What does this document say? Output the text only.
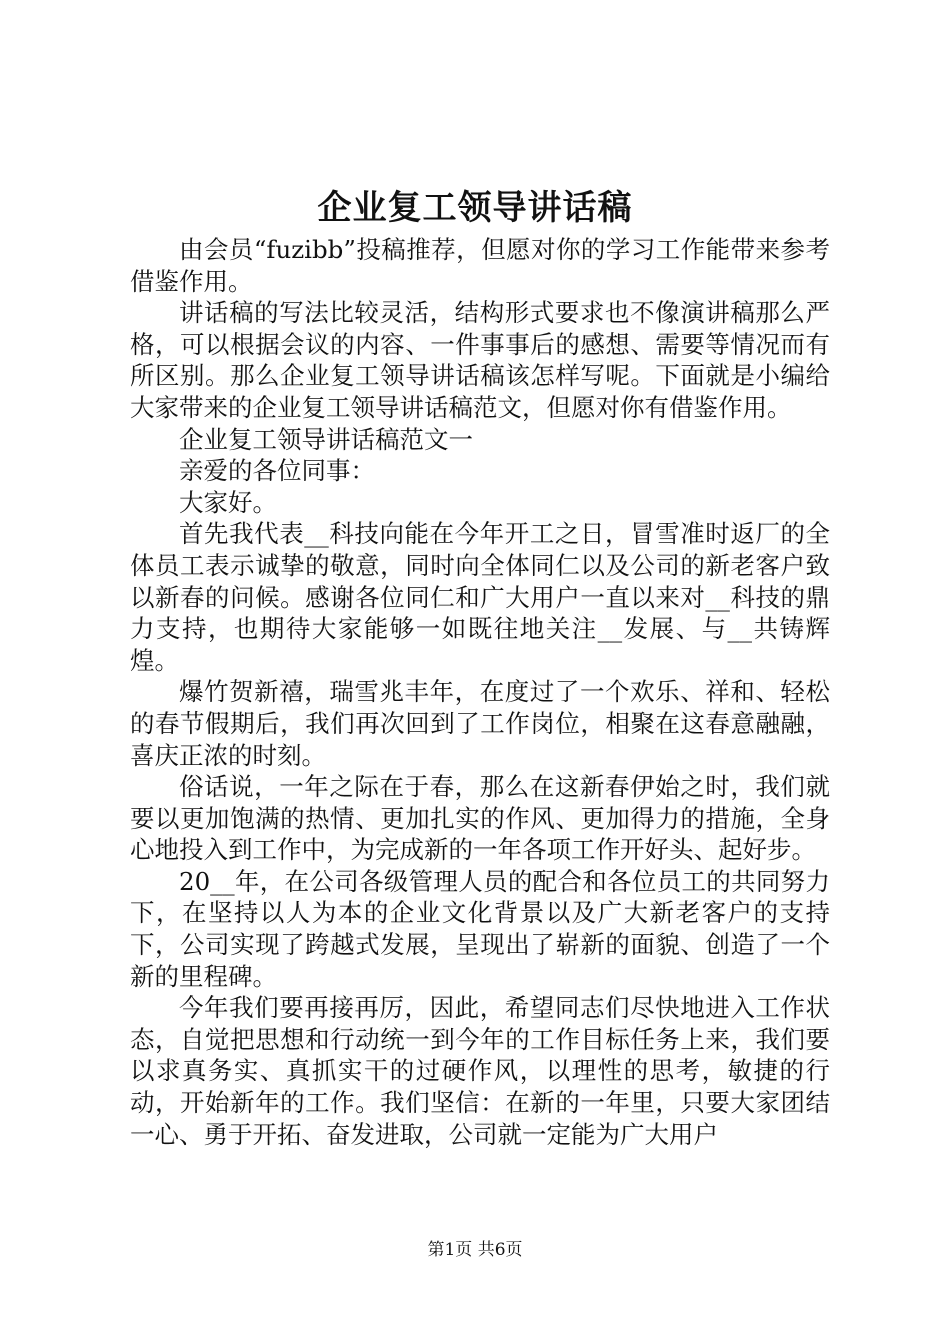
企业复工领导讲话稿

由会员“fuzibb”投稿推荐，但愿对你的学习工作能带来参考借鉴作用。

讲话稿的写法比较灵活，结构形式要求也不像演讲稿那么严格，可以根据会议的内容、一件事事后的感想、需要等情况而有所区别。那么企业复工领导讲话稿该怎样写呢。下面就是小编给大家带来的企业复工领导讲话稿范文，但愿对你有借鉴作用。

企业复工领导讲话稿范文一

亲爱的各位同事：

大家好。

首先我代表__科技向能在今年开工之日，冒雪准时返厂的全体员工表示诚挚的敬意，同时向全体同仁以及公司的新老客户致以新春的问候。感谢各位同仁和广大用户一直以来对__科技的鼎力支持，也期待大家能够一如既往地关注__发展、与__共铸辉煌。

爆竹贺新禧，瑞雪兆丰年，在度过了一个欢乐、祥和、轻松的春节假期后，我们再次回到了工作岗位，相聚在这春意融融，喜庆正浓的时刻。

俗话说，一年之际在于春，那么在这新春伊始之时，我们就要以更加饱满的热情、更加扎实的作风、更加得力的措施，全身心地投入到工作中，为完成新的一年各项工作开好头、起好步。

20__年，在公司各级管理人员的配合和各位员工的共同努力下，在坚持以人为本的企业文化背景以及广大新老客户的支持下，公司实现了跨越式发展，呈现出了崭新的面貌、创造了一个新的里程碑。

今年我们要再接再厉，因此，希望同志们尽快地进入工作状态，自觉把思想和行动统一到今年的工作目标任务上来，我们要以求真务实、真抓实干的过硬作风，以理性的思考，敏捷的行动，开始新年的工作。我们坚信：在新的一年里，只要大家团结一心、勇于开拓、奋发进取，公司就一定能为广大用户

第1页 共6页
